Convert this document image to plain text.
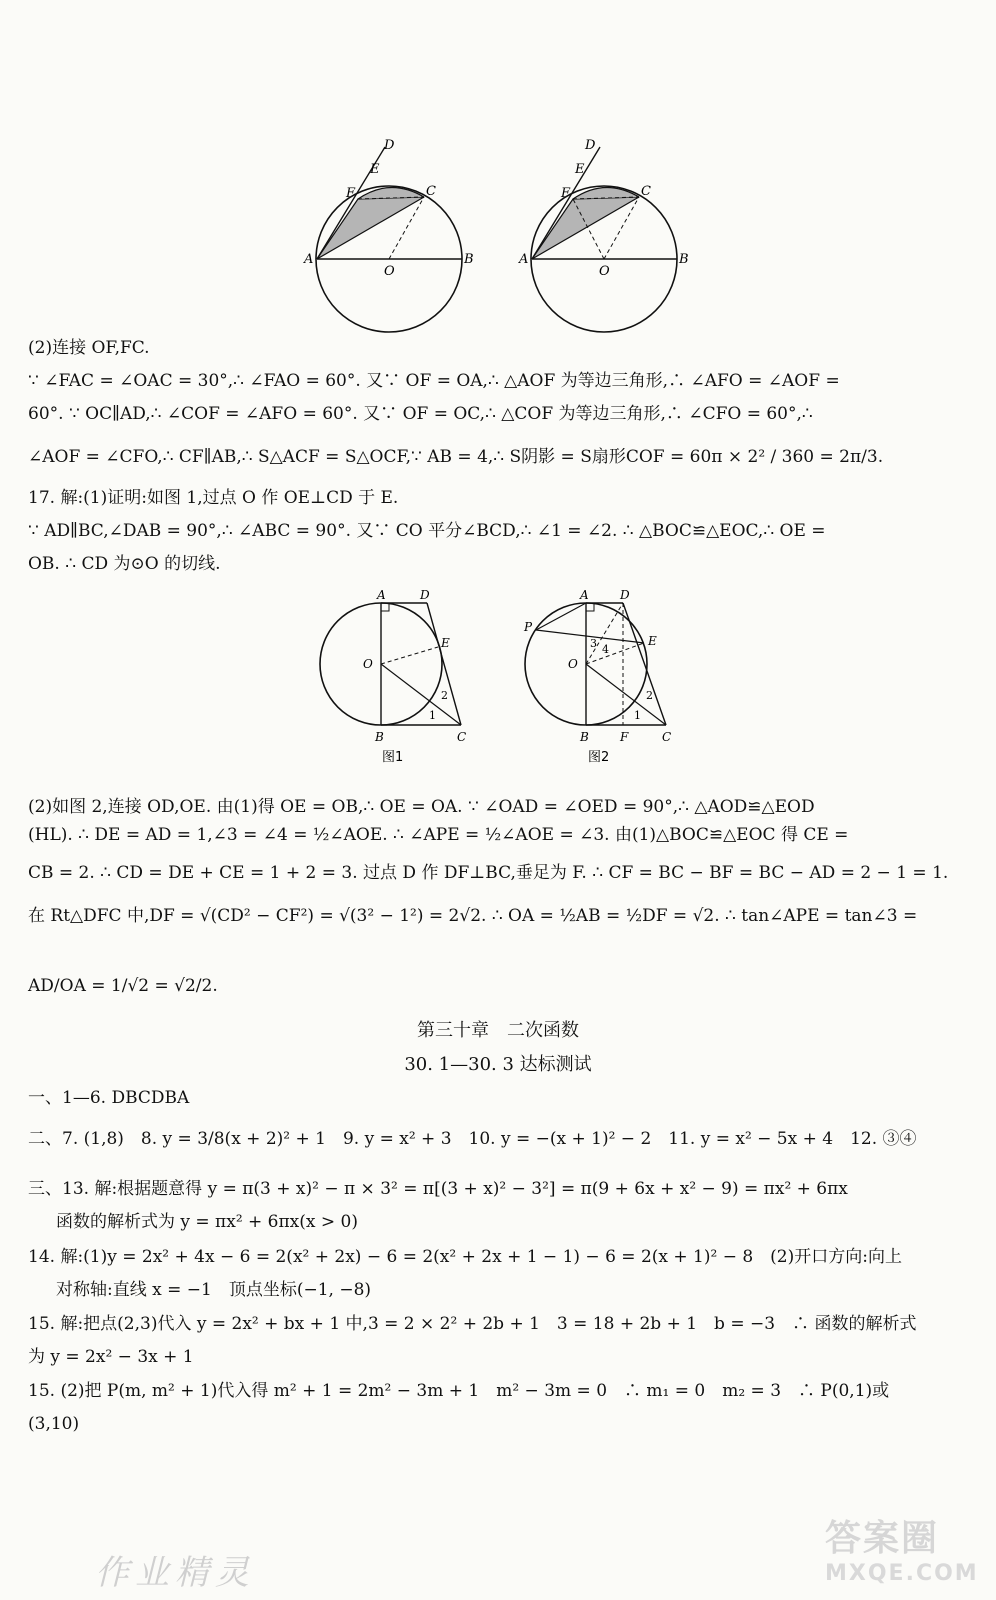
D
E
F	C
A
O
B
D
E
F	C
A
O
B
(2)连接 OF,FC.
∵ ∠FAC = ∠OAC = 30°,∴ ∠FAO = 60°. 又∵ OF = OA,∴ △AOF 为等边三角形,∴ ∠AFO = ∠AOF =
60°. ∵ OC∥AD,∴ ∠COF = ∠AFO = 60°. 又∵ OF = OC,∴ △COF 为等边三角形,∴ ∠CFO = 60°,∴
∠AOF = ∠CFO,∴ CF∥AB,∴ S△ACF = S△OCF,∵ AB = 4,∴ S阴影 = S扇形COF = 60π × 2² / 360 = 2π/3.
17. 解:(1)证明:如图 1,过点 O 作 OE⊥CD 于 E.
∵ AD∥BC,∠DAB = 90°,∴ ∠ABC = 90°. 又∵ CO 平分∠BCD,∴ ∠1 = ∠2. ∴ △BOC≌△EOC,∴ OE =
OB. ∴ CD 为⊙O 的切线.
A	D
O
E
B	C
1
2
图1
A	D
P
O
E
B	F	C
3 4
1
2
图2
(2)如图 2,连接 OD,OE. 由(1)得 OE = OB,∴ OE = OA. ∵ ∠OAD = ∠OED = 90°,∴ △AOD≌△EOD
(HL). ∴ DE = AD = 1,∠3 = ∠4 = ½∠AOE. ∴ ∠APE = ½∠AOE = ∠3. 由(1)△BOC≌△EOC 得 CE =
CB = 2. ∴ CD = DE + CE = 1 + 2 = 3. 过点 D 作 DF⊥BC,垂足为 F. ∴ CF = BC − BF = BC − AD = 2 − 1 = 1.
在 Rt△DFC 中,DF = √(CD² − CF²) = √(3² − 1²) = 2√2. ∴ OA = ½AB = ½DF = √2. ∴ tan∠APE = tan∠3 =
AD/OA = 1/√2 = √2/2.
第三十章　二次函数
30. 1—30. 3 达标测试
一、1—6. DBCDBA
二、7. (1,8)　8. y = 3/8(x + 2)² + 1　9. y = x² + 3　10. y = −(x + 1)² − 2　11. y = x² − 5x + 4　12. ③④
三、13. 解:根据题意得 y = π(3 + x)² − π × 3² = π[(3 + x)² − 3²] = π(9 + 6x + x² − 9) = πx² + 6πx
函数的解析式为 y = πx² + 6πx(x > 0)
14. 解:(1)y = 2x² + 4x − 6 = 2(x² + 2x) − 6 = 2(x² + 2x + 1 − 1) − 6 = 2(x + 1)² − 8　(2)开口方向:向上
对称轴:直线 x = −1　顶点坐标(−1, −8)
15. 解:把点(2,3)代入 y = 2x² + bx + 1 中,3 = 2 × 2² + 2b + 1　3 = 18 + 2b + 1　b = −3　∴ 函数的解析式
为 y = 2x² − 3x + 1
15. (2)把 P(m, m² + 1)代入得 m² + 1 = 2m² − 3m + 1　m² − 3m = 0　∴ m₁ = 0　m₂ = 3　∴ P(0,1)或
(3,10)
答案圈
MXQE.COM
作业精灵
